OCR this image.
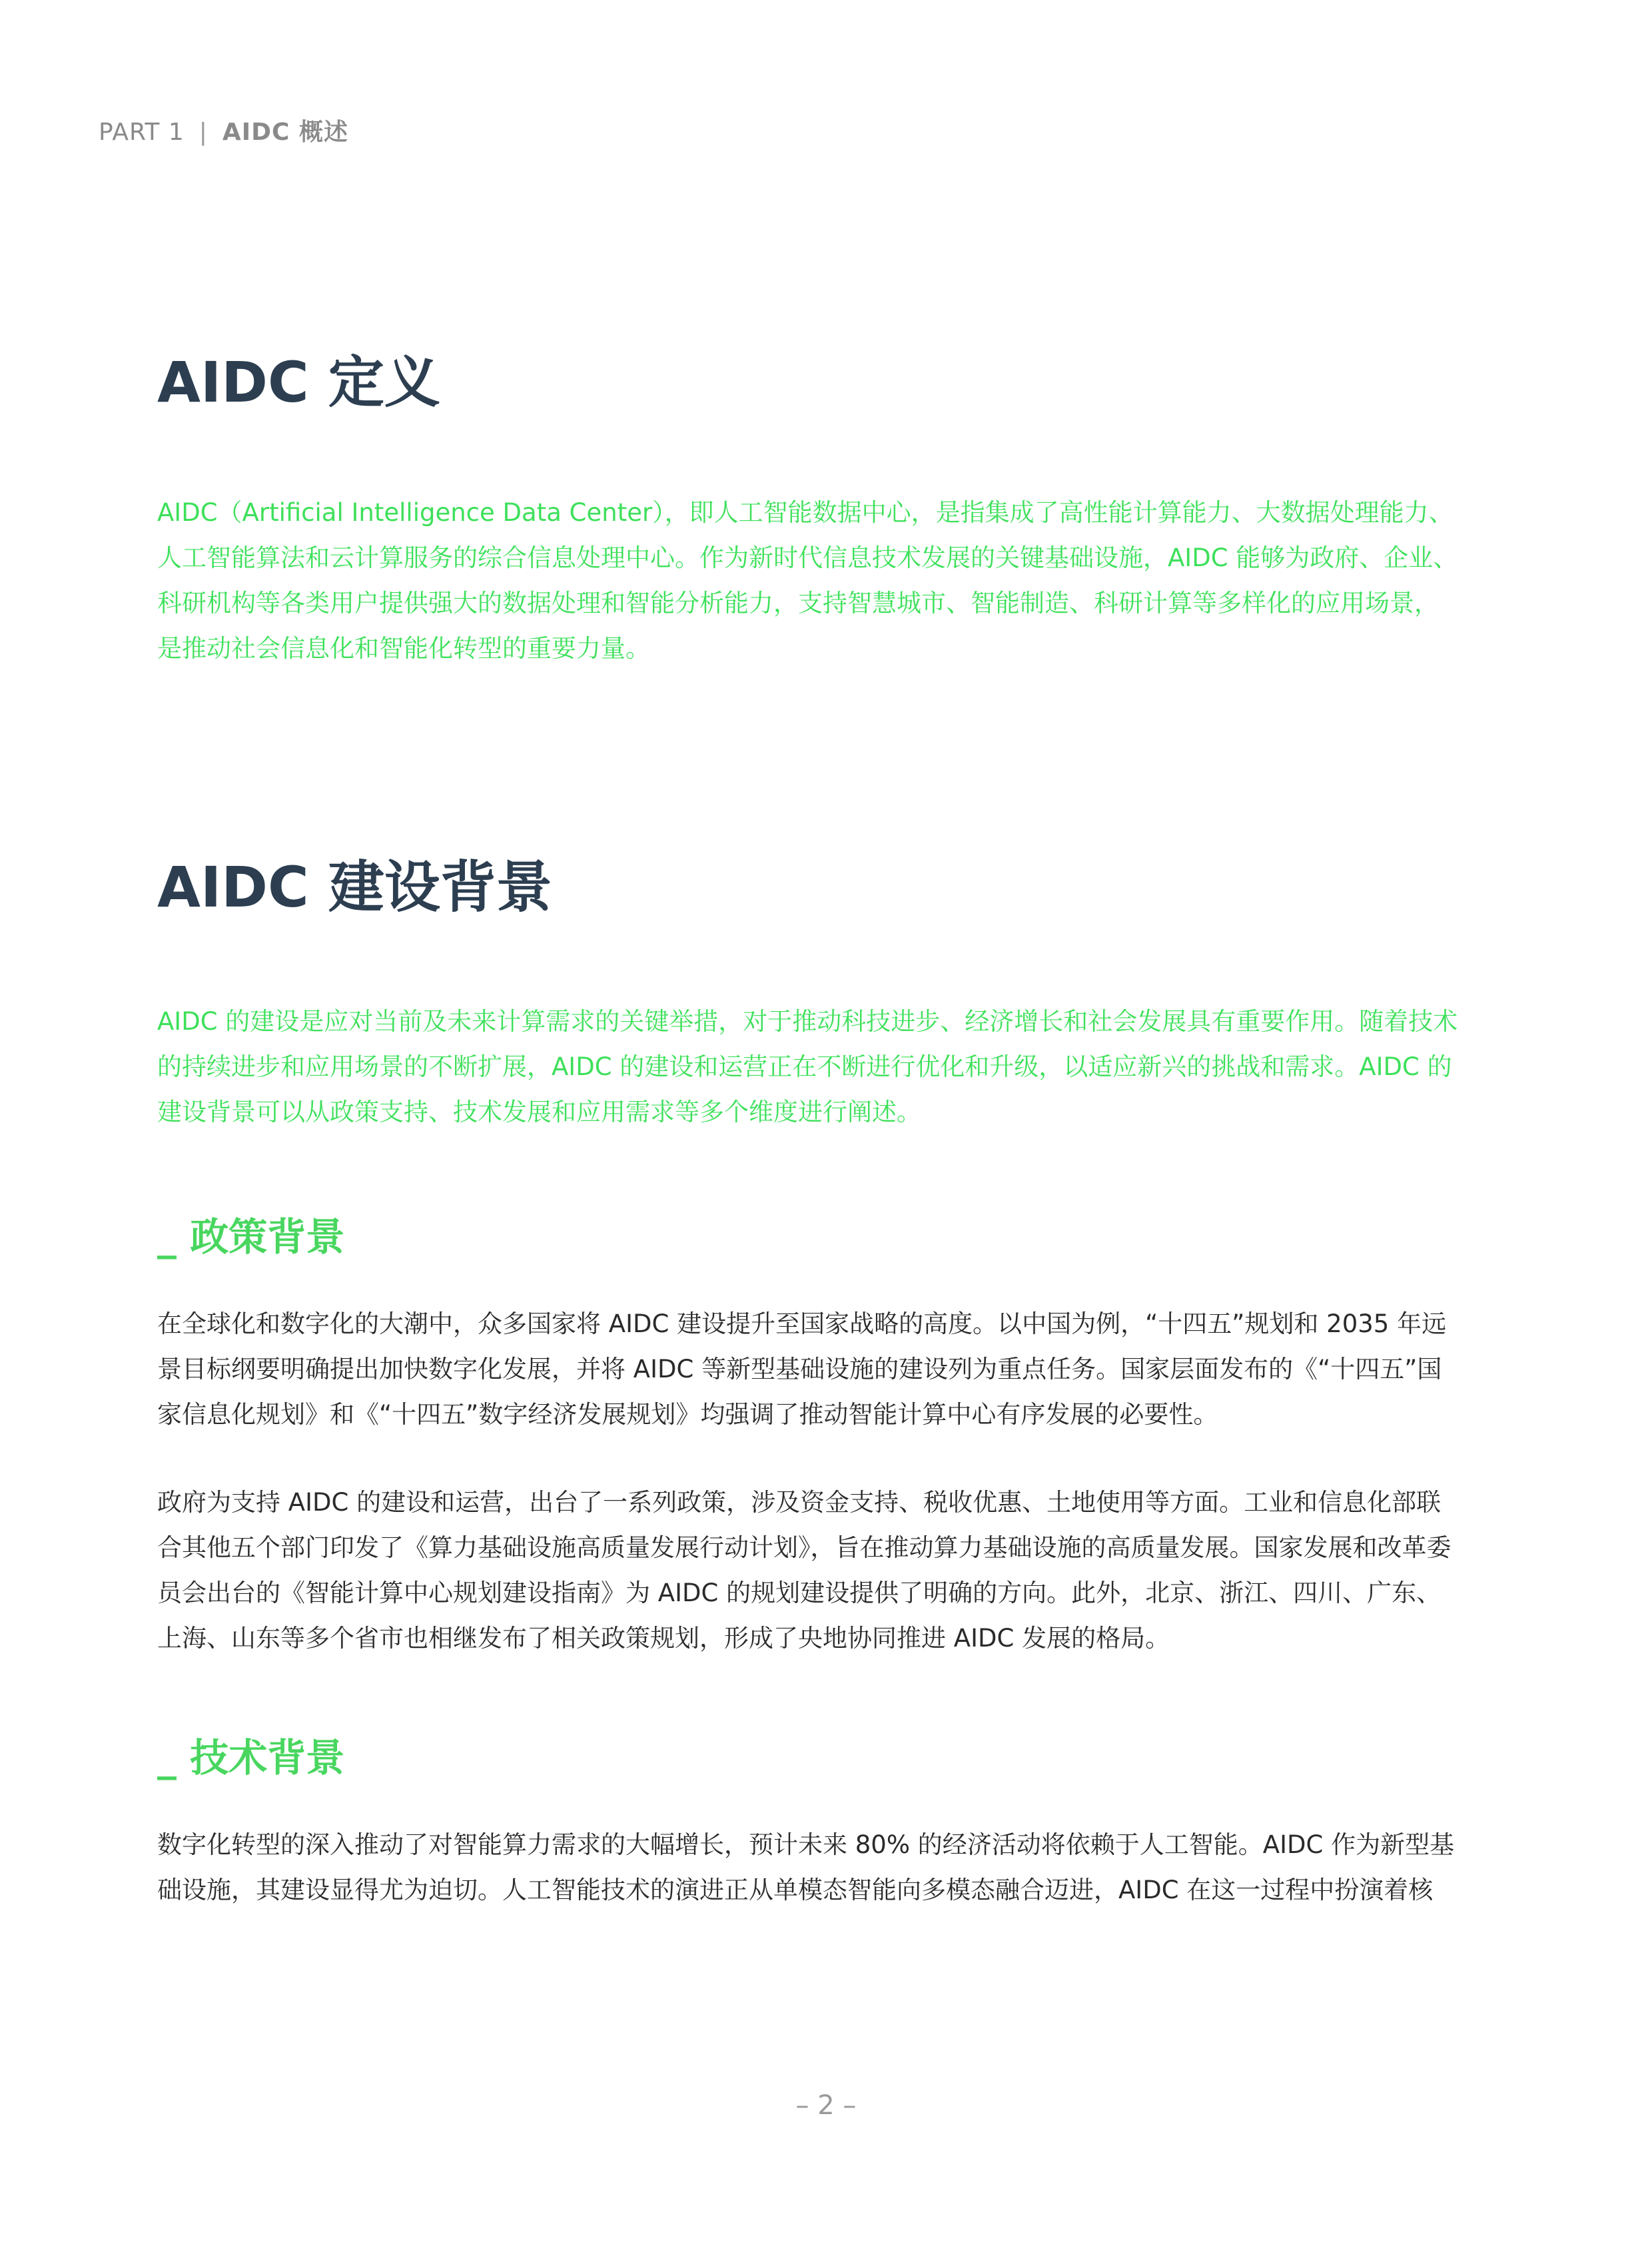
PART 1 | AIDC 概述
AIDC 定义

AIDC（Artificial Intelligence Data Center），即人工智能数据中心，是指集成了高性能计算能力、大数据处理能力、人工智能算法和云计算服务的综合信息处理中心。作为新时代信息技术发展的关键基础设施，AIDC 能够为政府、企业、科研机构等各类用户提供强大的数据处理和智能分析能力，支持智慧城市、智能制造、科研计算等多样化的应用场景，是推动社会信息化和智能化转型的重要力量。

AIDC 建设背景

AIDC 的建设是应对当前及未来计算需求的关键举措，对于推动科技进步、经济增长和社会发展具有重要作用。随着技术的持续进步和应用场景的不断扩展，AIDC 的建设和运营正在不断进行优化和升级，以适应新兴的挑战和需求。AIDC 的建设背景可以从政策支持、技术发展和应用需求等多个维度进行阐述。

_ 政策背景

在全球化和数字化的大潮中，众多国家将 AIDC 建设提升至国家战略的高度。以中国为例，“十四五”规划和 2035 年远景目标纲要明确提出加快数字化发展，并将 AIDC 等新型基础设施的建设列为重点任务。国家层面发布的《“十四五”国家信息化规划》和《“十四五”数字经济发展规划》均强调了推动智能计算中心有序发展的必要性。

政府为支持 AIDC 的建设和运营，出台了一系列政策，涉及资金支持、税收优惠、土地使用等方面。工业和信息化部联合其他五个部门印发了《算力基础设施高质量发展行动计划》，旨在推动算力基础设施的高质量发展。国家发展和改革委员会出台的《智能计算中心规划建设指南》为 AIDC 的规划建设提供了明确的方向。此外，北京、浙江、四川、广东、上海、山东等多个省市也相继发布了相关政策规划，形成了央地协同推进 AIDC 发展的格局。

_ 技术背景

数字化转型的深入推动了对智能算力需求的大幅增长，预计未来 80% 的经济活动将依赖于人工智能。AIDC 作为新型基础设施，其建设显得尤为迫切。人工智能技术的演进正从单模态智能向多模态融合迈进，AIDC 在这一过程中扮演着核

– 2 –
